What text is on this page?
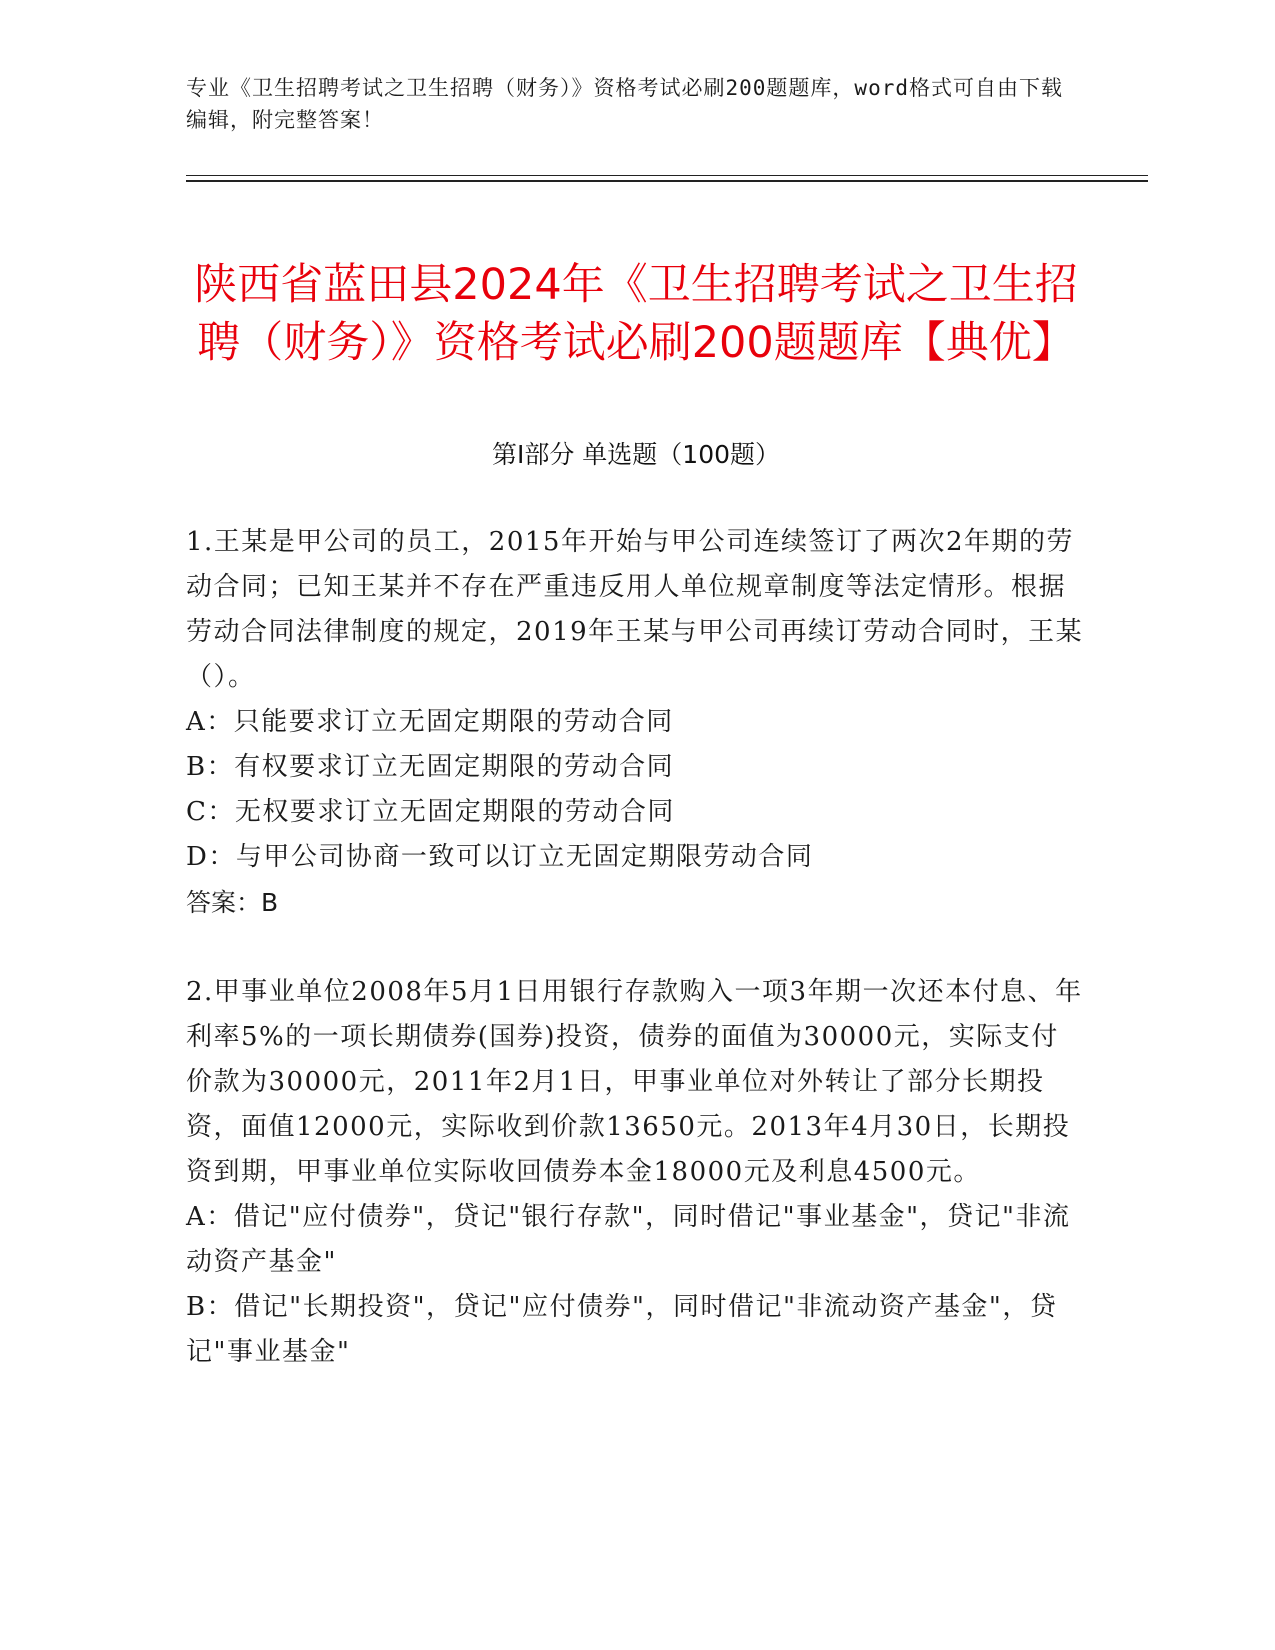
专业《卫生招聘考试之卫生招聘（财务）》资格考试必刷200题题库，word格式可自由下载编辑，附完整答案！
陕西省蓝田县2024年《卫生招聘考试之卫生招聘（财务）》资格考试必刷200题题库【典优】
第I部分 单选题（100题）

1.王某是甲公司的员工，2015年开始与甲公司连续签订了两次2年期的劳动合同；已知王某并不存在严重违反用人单位规章制度等法定情形。根据劳动合同法律制度的规定，2019年王某与甲公司再续订劳动合同时，王某（）。

A：只能要求订立无固定期限的劳动合同

B：有权要求订立无固定期限的劳动合同

C：无权要求订立无固定期限的劳动合同

D：与甲公司协商一致可以订立无固定期限劳动合同

答案：B

2.甲事业单位2008年5月1日用银行存款购入一项3年期一次还本付息、年利率5%的一项长期债券(国券)投资，债券的面值为30000元，实际支付价款为30000元，2011年2月1日，甲事业单位对外转让了部分长期投资，面值12000元，实际收到价款13650元。2013年4月30日，长期投资到期，甲事业单位实际收回债券本金18000元及利息4500元。

A：借记"应付债券"，贷记"银行存款"，同时借记"事业基金"，贷记"非流动资产基金"

B：借记"长期投资"，贷记"应付债券"，同时借记"非流动资产基金"，贷记"事业基金"
